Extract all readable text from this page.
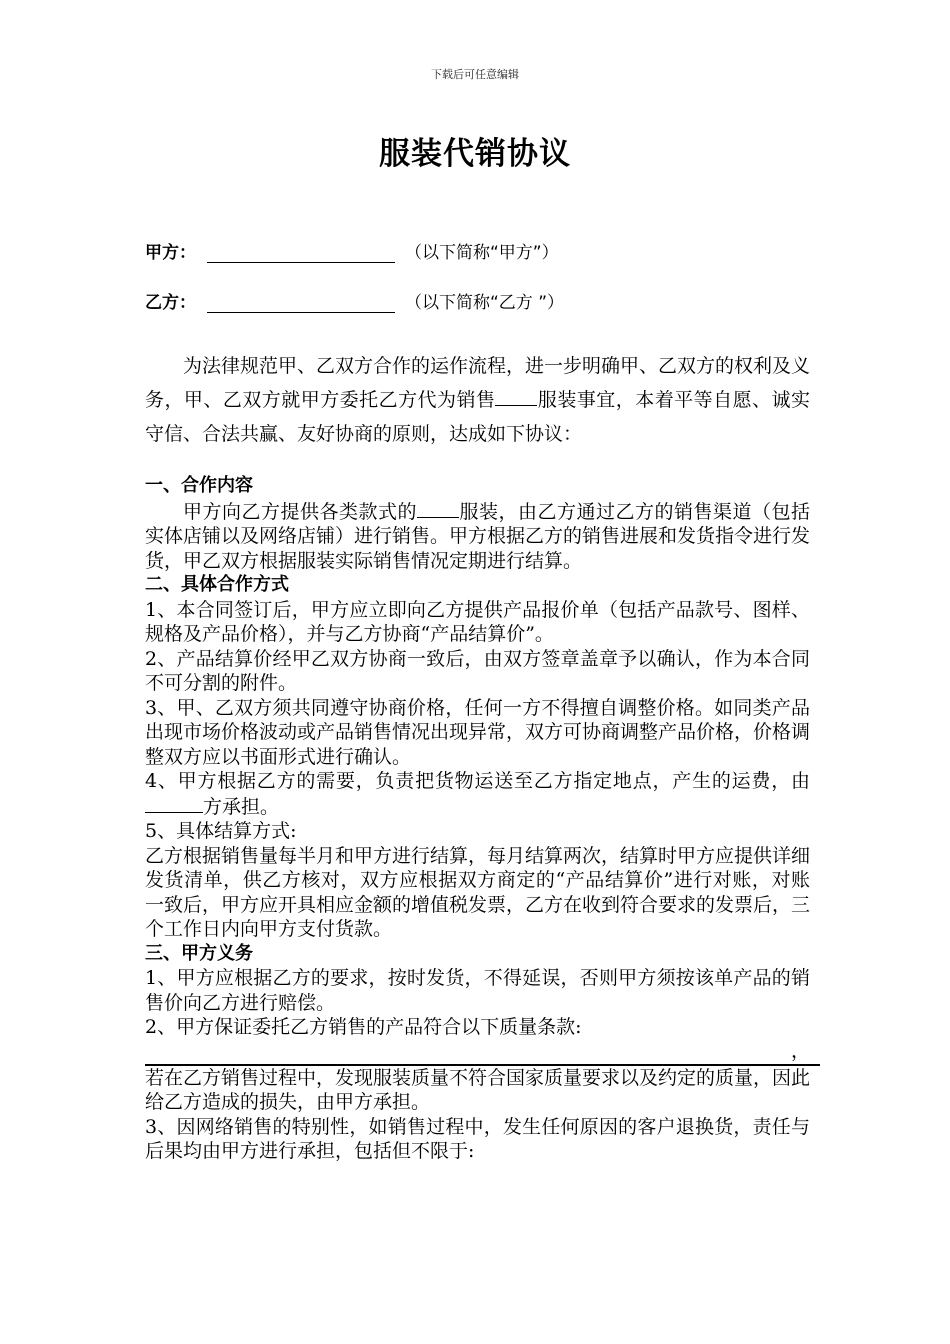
下载后可任意编辑
服装代销协议
甲方：	（以下简称“甲方”）
乙方：	（以下简称“乙方 ”）

为法律规范甲、乙双方合作的运作流程，进一步明确甲、乙双方的权利及义务，甲、乙双方就甲方委托乙方代为销售 服装事宜，本着平等自愿、诚实守信、合法共赢、友好协商的原则，达成如下协议：

一、合作内容

甲方向乙方提供各类款式的 服装，由乙方通过乙方的销售渠道（包括实体店铺以及网络店铺）进行销售。甲方根据乙方的销售进展和发货指令进行发货，甲乙双方根据服装实际销售情况定期进行结算。

二、具体合作方式

1、本合同签订后，甲方应立即向乙方提供产品报价单（包括产品款号、图样、规格及产品价格），并与乙方协商“产品结算价”。

2、产品结算价经甲乙双方协商一致后，由双方签章盖章予以确认，作为本合同不可分割的附件。

3、甲、乙双方须共同遵守协商价格，任何一方不得擅自调整价格。如同类产品出现市场价格波动或产品销售情况出现异常，双方可协商调整产品价格，价格调整双方应以书面形式进行确认。

4、甲方根据乙方的需要，负责把货物运送至乙方指定地点，产生的运费，由方承担。

5、具体结算方式:

乙方根据销售量每半月和甲方进行结算，每月结算两次，结算时甲方应提供详细发货清单，供乙方核对，双方应根据双方商定的“产品结算价”进行对账，对账一致后，甲方应开具相应金额的增值税发票，乙方在收到符合要求的发票后，三个工作日内向甲方支付货款。

三、甲方义务

1、甲方应根据乙方的要求，按时发货，不得延误，否则甲方须按该单产品的销售价向乙方进行赔偿。

2、甲方保证委托乙方销售的产品符合以下质量条款:

，

若在乙方销售过程中，发现服装质量不符合国家质量要求以及约定的质量，因此给乙方造成的损失，由甲方承担。

3、因网络销售的特别性，如销售过程中，发生任何原因的客户退换货，责任与后果均由甲方进行承担，包括但不限于:
